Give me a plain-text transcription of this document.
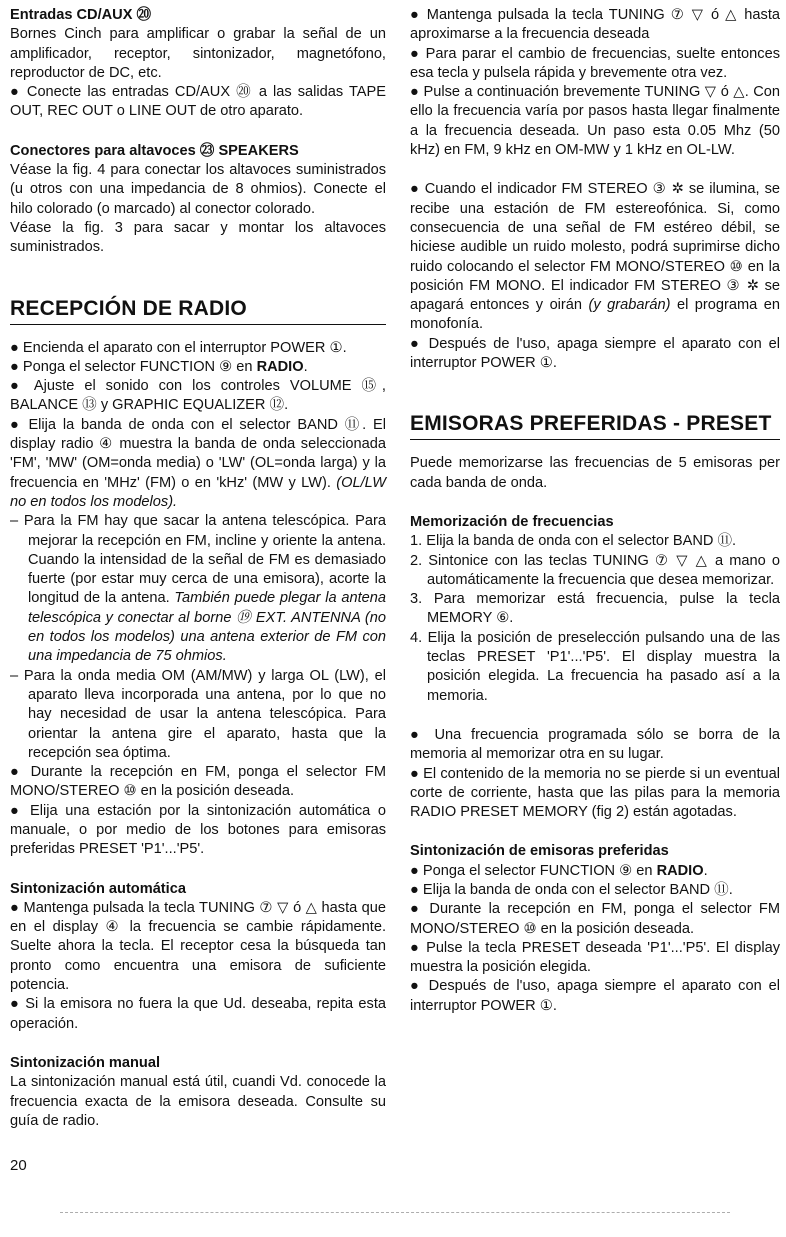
Entradas CD/AUX ⑳

Bornes Cinch para amplificar o grabar la señal de un amplificador, receptor, sintonizador, magnetófono, reproductor de DC, etc.

● Conecte las entradas CD/AUX ⑳ a las salidas TAPE OUT, REC OUT o LINE OUT de otro aparato.

Conectores para altavoces ㉓ SPEAKERS

Véase la fig. 4 para conectar los altavoces suministrados (u otros con una impedancia de 8 ohmios). Conecte el hilo colorado (o marcado) al conector colorado.

Véase la fig. 3 para sacar y montar los altavoces suministrados.

RECEPCIÓN DE RADIO

● Encienda el aparato con el interruptor POWER ①.

● Ponga el selector FUNCTION ⑨ en RADIO.

● Ajuste el sonido con los controles VOLUME ⑮, BALANCE ⑬ y GRAPHIC EQUALIZER ⑫.

● Elija la banda de onda con el selector BAND ⑪. El display radio ④ muestra la banda de onda seleccionada 'FM', 'MW' (OM=onda media) o 'LW' (OL=onda larga) y la frecuencia en 'MHz' (FM) o en 'kHz' (MW y LW). (OL/LW no en todos los modelos).

– Para la FM hay que sacar la antena telescópica. Para mejorar la recepción en FM, incline y oriente la antena. Cuando la intensidad de la señal de FM es demasiado fuerte (por estar muy cerca de una emisora), acorte la longitud de la antena. También puede plegar la antena telescópica y conectar al borne ⑲ EXT. ANTENNA (no en todos los modelos) una antena exterior de FM con una impedancia de 75 ohmios.

– Para la onda media OM (AM/MW) y larga OL (LW), el aparato lleva incorporada una antena, por lo que no hay necesidad de usar la antena telescópica. Para orientar la antena gire el aparato, hasta que la recepción sea óptima.

● Durante la recepción en FM, ponga el selector FM MONO/STEREO ⑩ en la posición deseada.

● Elija una estación por la sintonización automática o manuale, o por medio de los botones para emisoras preferidas PRESET 'P1'...'P5'.

Sintonización automática

● Mantenga pulsada la tecla TUNING ⑦ ▽ ó △ hasta que en el display ④ la frecuencia se cambie rápidamente. Suelte ahora la tecla. El receptor cesa la búsqueda tan pronto como encuentra una emisora de suficiente potencia.

● Si la emisora no fuera la que Ud. deseaba, repita esta operación.

Sintonización manual

La sintonización manual está útil, cuandi Vd. conocede la frecuencia exacta de la emisora deseada. Consulte su guía de radio.

● Mantenga pulsada la tecla TUNING ⑦ ▽ ó △ hasta aproximarse a la frecuencia deseada

● Para parar el cambio de frecuencias, suelte entonces esa tecla y pulsela rápida y brevemente otra vez.

● Pulse a continuación brevemente TUNING ▽ ó △. Con ello la frecuencia varía por pasos hasta llegar finalmente a la frecuencia deseada. Un paso esta 0.05 Mhz (50 kHz) en FM, 9 kHz en OM-MW y 1 kHz en OL-LW.

● Cuando el indicador FM STEREO ③ ✲ se ilumina, se recibe una estación de FM estereofónica. Si, como consecuencia de una señal de FM estéreo débil, se hiciese audible un ruido molesto, podrá suprimirse dicho ruido colocando el selector FM MONO/STEREO ⑩ en la posición FM MONO. El indicador FM STEREO ③ ✲ se apagará entonces y oirán (y grabarán) el programa en monofonía.

● Después de l'uso, apaga siempre el aparato con el interruptor POWER ①.

EMISORAS PREFERIDAS - PRESET

Puede memorizarse las frecuencias de 5 emisoras per cada banda de onda.

Memorización de frecuencias

1. Elija la banda de onda con el selector BAND ⑪.

2. Sintonice con las teclas TUNING ⑦ ▽ △ a mano o automáticamente la frecuencia que desea memorizar.

3. Para memorizar está frecuencia, pulse la tecla MEMORY ⑥.

4. Elija la posición de preselección pulsando una de las teclas PRESET 'P1'...'P5'. El display muestra la posición elegida. La frecuencia ha pasado así a la memoria.

● Una frecuencia programada sólo se borra de la memoria al memorizar otra en su lugar.

● El contenido de la memoria no se pierde si un eventual corte de corriente, hasta que las pilas para la memoria RADIO PRESET MEMORY (fig 2) están agotadas.

Sintonización de emisoras preferidas

● Ponga el selector FUNCTION ⑨ en RADIO.

● Elija la banda de onda con el selector BAND ⑪.

● Durante la recepción en FM, ponga el selector FM MONO/STEREO ⑩ en la posición deseada.

● Pulse la tecla PRESET deseada 'P1'...'P5'. El display muestra la posición elegida.

● Después de l'uso, apaga siempre el aparato con el interruptor POWER ①.

20
